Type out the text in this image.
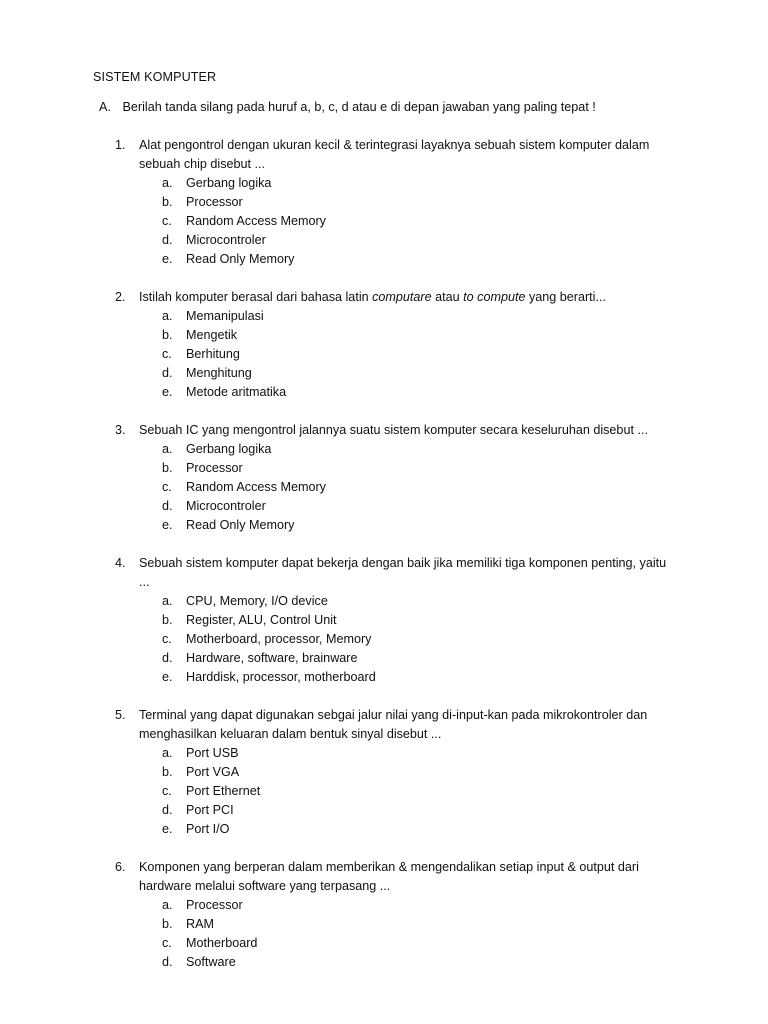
SISTEM KOMPUTER
A. Berilah tanda silang pada huruf a, b, c, d atau e di depan jawaban yang paling tepat !
1. Alat pengontrol dengan ukuran kecil & terintegrasi layaknya sebuah sistem komputer dalam sebuah chip disebut ...
a. Gerbang logika
b. Processor
c. Random Access Memory
d. Microcontroler
e. Read Only Memory
2. Istilah komputer berasal dari bahasa latin computare atau to compute yang berarti...
a. Memanipulasi
b. Mengetik
c. Berhitung
d. Menghitung
e. Metode aritmatika
3. Sebuah IC yang mengontrol jalannya suatu sistem komputer secara keseluruhan disebut ...
a. Gerbang logika
b. Processor
c. Random Access Memory
d. Microcontroler
e. Read Only Memory
4. Sebuah sistem komputer dapat bekerja dengan baik jika memiliki tiga komponen penting, yaitu ...
a. CPU, Memory, I/O device
b. Register, ALU, Control Unit
c. Motherboard, processor, Memory
d. Hardware, software, brainware
e. Harddisk, processor, motherboard
5. Terminal yang dapat digunakan sebgai jalur nilai yang di-input-kan pada mikrokontroler dan menghasilkan keluaran dalam bentuk sinyal disebut ...
a. Port USB
b. Port VGA
c. Port Ethernet
d. Port PCI
e. Port I/O
6. Komponen yang berperan dalam memberikan & mengendalikan setiap input & output dari hardware melalui software yang terpasang ...
a. Processor
b. RAM
c. Motherboard
d. Software
